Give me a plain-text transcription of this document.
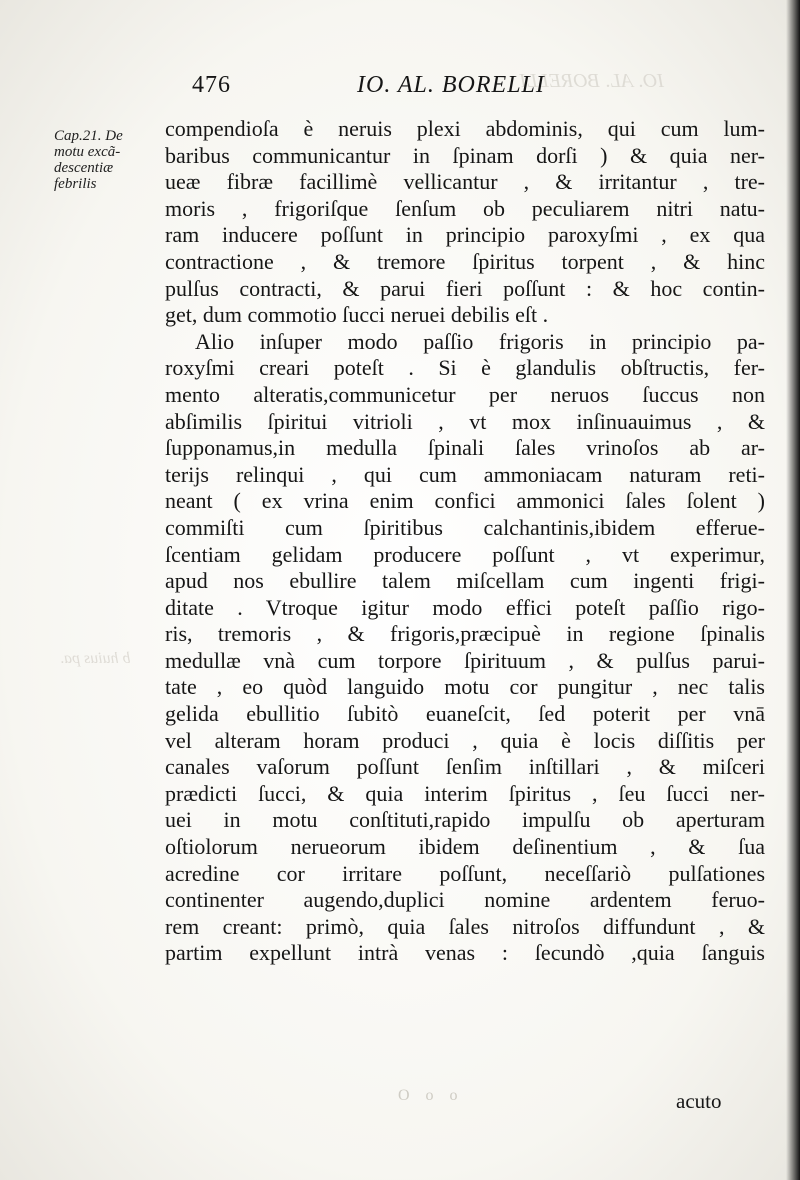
IO. AL. BORELLI
b huius pa.
476	IO. AL. BORELLI
Cap.21. De
motu excã-
descentiæ
febrilis
compendioſa è neruis plexi abdominis, qui cum lum-
baribus communicantur in ſpinam dorſi ) & quia ner-
ueæ fibræ facillimè vellicantur , & irritantur , tre-
moris , frigoriſque ſenſum ob peculiarem nitri natu-
ram inducere poſſunt in principio paroxyſmi , ex qua
contractione , & tremore ſpiritus torpent , & hinc
pulſus contracti, & parui fieri poſſunt : & hoc contin-
get, dum commotio ſucci neruei debilis eſt .
Alio inſuper modo paſſio frigoris in principio pa-
roxyſmi creari poteſt . Si è glandulis obſtructis, fer-
mento alteratis,communicetur per neruos ſuccus non
abſimilis ſpiritui vitrioli , vt mox inſinuauimus , &
ſupponamus,in medulla ſpinali ſales vrinoſos ab ar-
terijs relinqui , qui cum ammoniacam naturam reti-
neant ( ex vrina enim confici ammonici ſales ſolent )
commiſti cum ſpiritibus calchantinis,ibidem efferue-
ſcentiam gelidam producere poſſunt , vt experimur,
apud nos ebullire talem miſcellam cum ingenti frigi-
ditate . Vtroque igitur modo effici poteſt paſſio rigo-
ris, tremoris , & frigoris,præcipuè in regione ſpinalis
medullæ vnà cum torpore ſpirituum , & pulſus parui-
tate , eo quòd languido motu cor pungitur , nec talis
gelida ebullitio ſubitò euaneſcit, ſed poterit per vnā
vel alteram horam produci , quia è locis diſſitis per
canales vaſorum poſſunt ſenſim inſtillari , & miſceri
prædicti ſucci, & quia interim ſpiritus , ſeu ſucci ner-
uei in motu conſtituti,rapido impulſu ob aperturam
oſtiolorum nerueorum ibidem deſinentium , & ſua
acredine cor irritare poſſunt, neceſſariò pulſationes
continenter augendo,duplici nomine ardentem feruo-
rem creant: primò, quia ſales nitroſos diffundunt , &
partim expellunt intrà venas : ſecundò ,quia ſanguis
O o o	acuto
